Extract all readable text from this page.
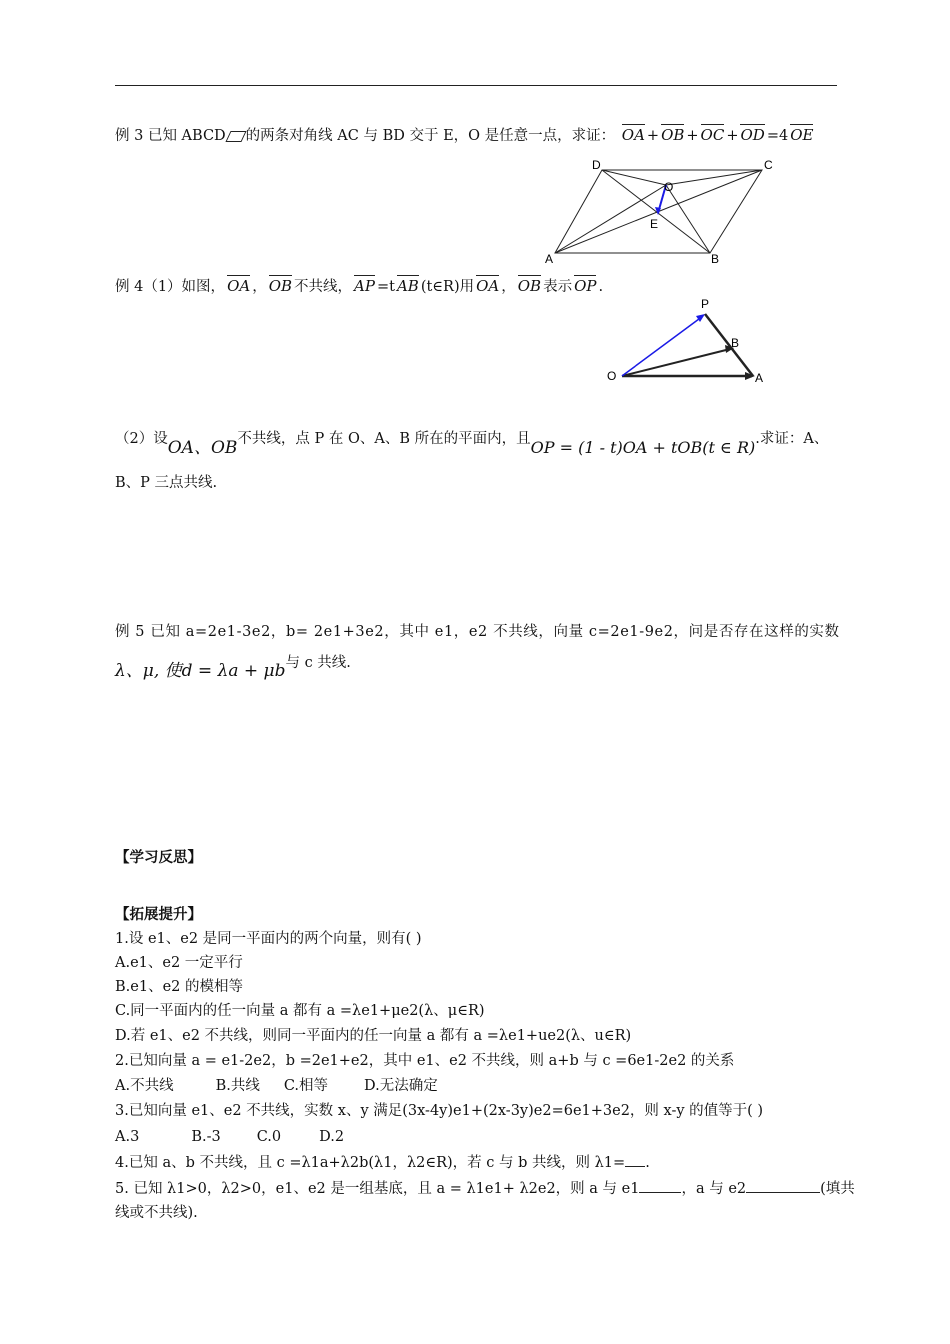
例 3 已知 ABCD 的两条对角线 AC 与 BD 交于 E，O 是任意一点，求证： OA + OB + OC + OD =4 OE
D	C
A	B
O
E
例 4（1）如图， OA ， OB 不共线， AP =t AB (t∈R)用 OA ， OB 表示 OP .
P
B
O	A
（2）设OA、OB不共线，点 P 在 O、A、B 所在的平面内，且OP = (1 - t)OA + tOB(t ∈ R).求证：A、
B、P 三点共线.
例 5 已知 a=2e1-3e2，b= 2e1+3e2，其中 e1，e2 不共线，向量 c=2e1-9e2，问是否存在这样的实数
λ、μ, 使d = λa + μb与 c 共线.
【学习反思】
【拓展提升】
1.设 e1、e2 是同一平面内的两个向量，则有( )
A.e1、e2 一定平行
B.e1、e2 的模相等
C.同一平面内的任一向量 a 都有 a =λe1+μe2(λ、μ∈R)
D.若 e1、e2 不共线，则同一平面内的任一向量 a 都有 a =λe1+ue2(λ、u∈R)
2.已知向量 a = e1-2e2，b =2e1+e2，其中 e1、e2 不共线，则 a+b 与 c =6e1-2e2 的关系
A.不共线	B.共线 C.相等 D.无法确定
3.已知向量 e1、e2 不共线，实数 x、y 满足(3x-4y)e1+(2x-3y)e2=6e1+3e2，则 x-y 的值等于( )
A.3	B.-3 C.0	D.2
4.已知 a、b 不共线，且 c =λ1a+λ2b(λ1，λ2∈R)，若 c 与 b 共线，则 λ1= .
5. 已知 λ1>0，λ2>0，e1、e2 是一组基底，且 a = λ1e1+ λ2e2，则 a 与 e1	，a 与 e2	(填共
线或不共线).
